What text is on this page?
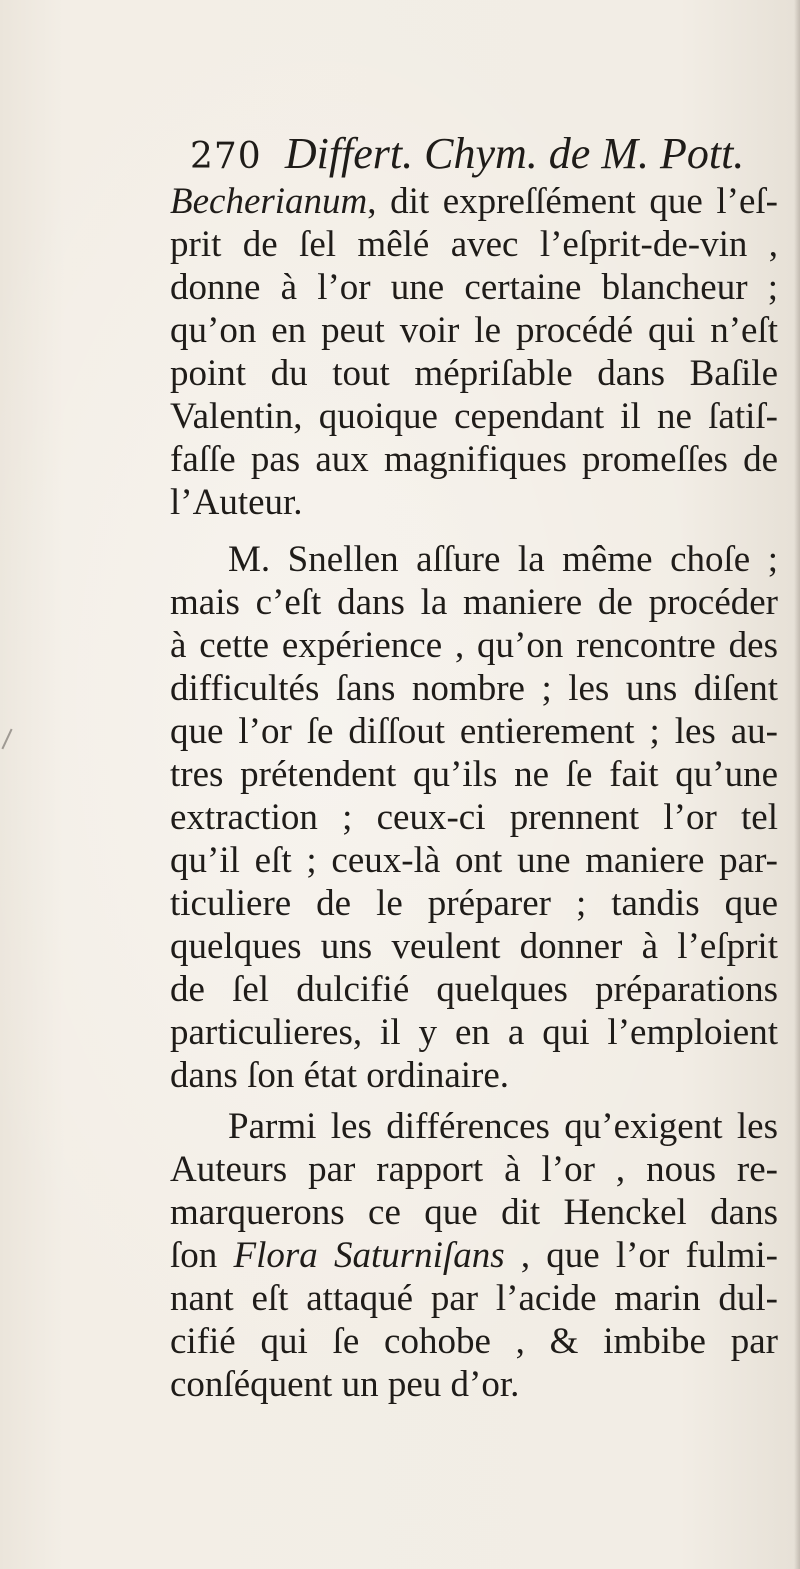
270 Differt. Chym. de M. Pott.
Becherianum, dit expreſſément que l’eſ-
prit de ſel mêlé avec l’eſprit-de-vin ,
donne à l’or une certaine blancheur ;
qu’on en peut voir le procédé qui n’eſt
point du tout mépriſable dans Baſile
Valentin, quoique cependant il ne ſatiſ-
faſſe pas aux magnifiques promeſſes de
l’Auteur.
M. Snellen aſſure la même choſe ;
mais c’eſt dans la maniere de procéder
à cette expérience , qu’on rencontre des
difficultés ſans nombre ; les uns diſent
que l’or ſe diſſout entierement ; les au-
tres prétendent qu’ils ne ſe fait qu’une
extraction ; ceux-ci prennent l’or tel
qu’il eſt ; ceux-là ont une maniere par-
ticuliere de le préparer ; tandis que
quelques uns veulent donner à l’eſprit
de ſel dulcifié quelques préparations
particulieres, il y en a qui l’emploient
dans ſon état ordinaire.
Parmi les différences qu’exigent les
Auteurs par rapport à l’or , nous re-
marquerons ce que dit Henckel dans
ſon Flora Saturniſans , que l’or fulmi-
nant eſt attaqué par l’acide marin dul-
cifié qui ſe cohobe , & imbibe par
conſéquent un peu d’or.
